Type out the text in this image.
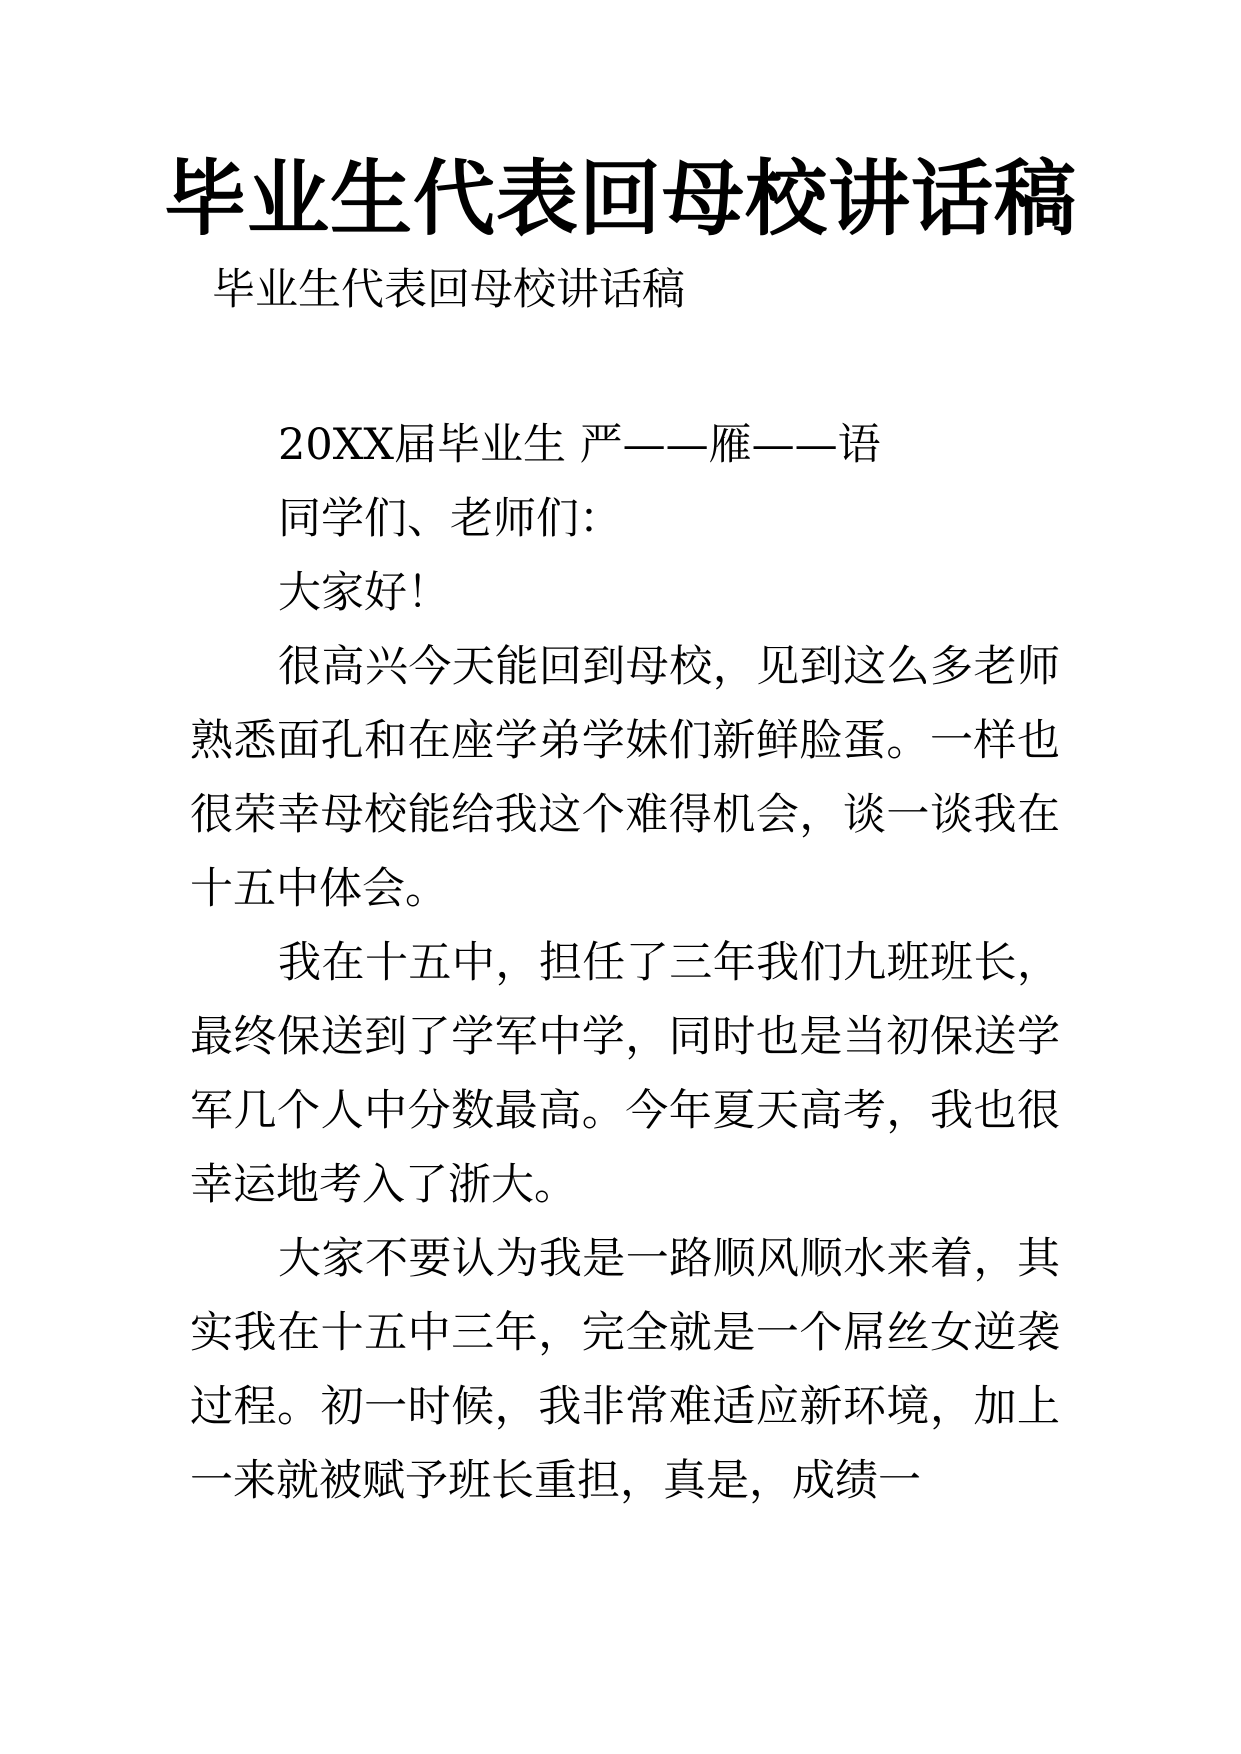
毕业生代表回母校讲话稿
毕业生代表回母校讲话稿

20XX届毕业生 严——雁——语

同学们、老师们：

大家好！

很高兴今天能回到母校，见到这么多老师熟悉面孔和在座学弟学妹们新鲜脸蛋。一样也很荣幸母校能给我这个难得机会，谈一谈我在十五中体会。

我在十五中，担任了三年我们九班班长，最终保送到了学军中学，同时也是当初保送学军几个人中分数最高。今年夏天高考，我也很幸运地考入了浙大。

大家不要认为我是一路顺风顺水来着，其实我在十五中三年，完全就是一个屌丝女逆袭过程。初一时候，我非常难适应新环境，加上一来就被赋予班长重担，真是，成绩一
